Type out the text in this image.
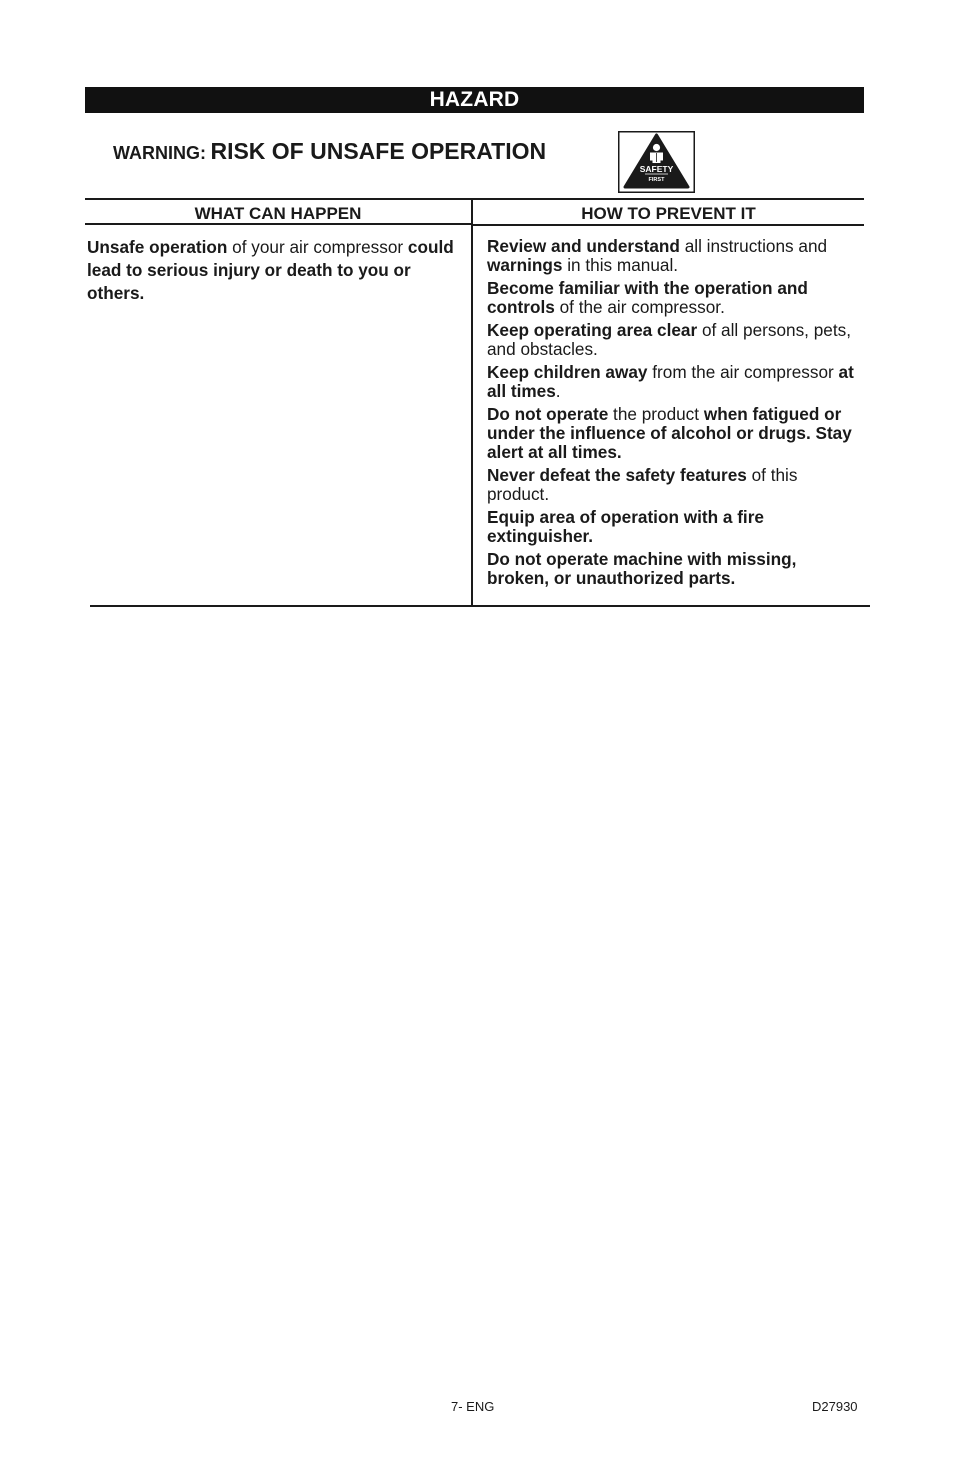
HAZARD
WARNING: RISK OF UNSAFE OPERATION
SAFETY
FIRST
WHAT CAN HAPPEN	HOW TO PREVENT IT
Unsafe operation of your air compressor could lead to serious injury or death to you or others.
Review and understand all instructions and warnings in this manual.
Become familiar with the operation and controls of the air compressor.
Keep operating area clear of all persons, pets, and obstacles.
Keep children away from the air compressor at all times.
Do not operate the product when fatigued or under the influence of alcohol or drugs. Stay alert at all times.
Never defeat the safety features of this product.
Equip area of operation with a fire extinguisher.
Do not operate machine with missing, broken, or unauthorized parts.
7- ENG	D27930
